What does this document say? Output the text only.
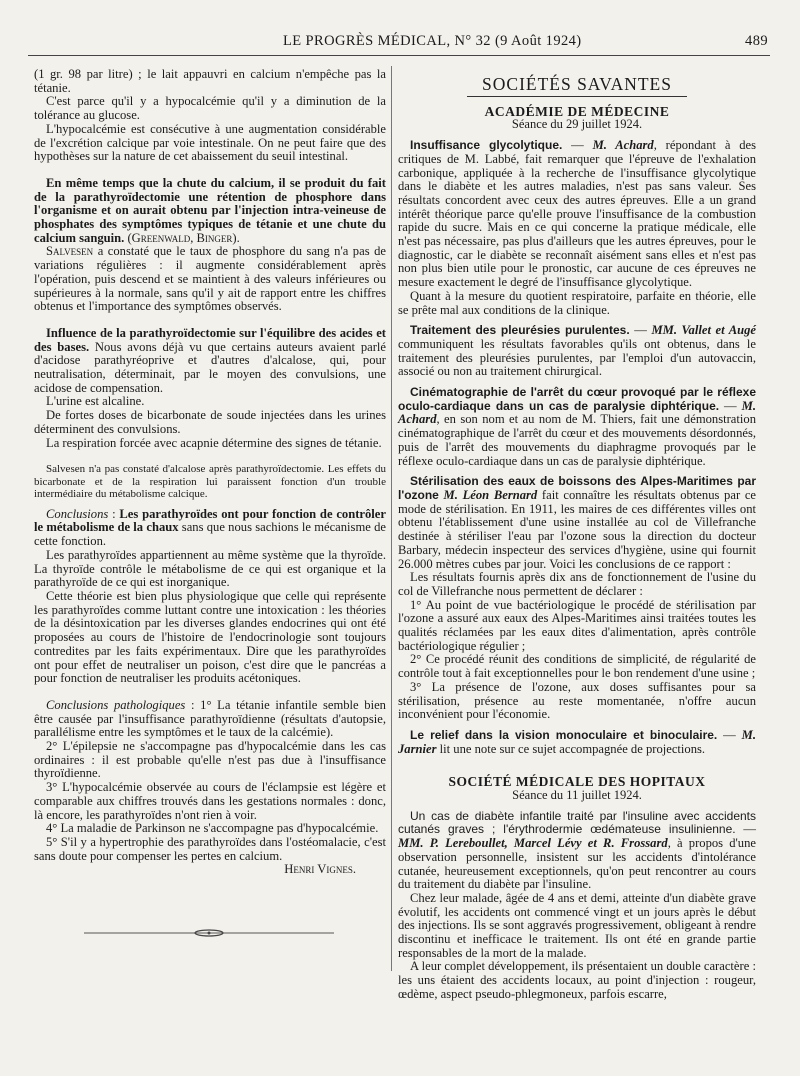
LE PROGRÈS MÉDICAL, N° 32 (9 Août 1924)	489

(1 gr. 98 par litre) ; le lait appauvri en calcium n'empêche pas la tétanie.

C'est parce qu'il y a hypocalcémie qu'il y a diminution de la tolérance au glucose.

L'hypocalcémie est consécutive à une augmentation considérable de l'excrétion calcique par voie intestinale. On ne peut faire que des hypothèses sur la nature de cet abaissement du seuil intestinal.

En même temps que la chute du calcium, il se produit du fait de la parathyroïdectomie une rétention de phosphore dans l'organisme et on aurait obtenu par l'injection intra-veineuse de phosphates des symptômes typiques de tétanie et une chute du calcium sanguin. (Greenwald, Binger).

Salvesen a constaté que le taux de phosphore du sang n'a pas de variations régulières : il augmente considérablement après l'opération, puis descend et se maintient à des valeurs inférieures ou supérieures à la normale, sans qu'il y ait de rapport entre les chiffres obtenus et l'importance des symptômes observés.

Influence de la parathyroïdectomie sur l'équilibre des acides et des bases. Nous avons déjà vu que certains auteurs avaient parlé d'acidose parathyréoprive et d'autres d'alcalose, qui, pour neutralisation, déterminait, par le moyen des convulsions, une acidose de compensation.

L'urine est alcaline.

De fortes doses de bicarbonate de soude injectées dans les urines déterminent des convulsions.

La respiration forcée avec acapnie détermine des signes de tétanie.

Salvesen n'a pas constaté d'alcalose après parathyroïdectomie. Les effets du bicarbonate et de la respiration lui paraissent fonction d'un trouble intermédiaire du métabolisme calcique.

Conclusions : Les parathyroïdes ont pour fonction de contrôler le métabolisme de la chaux sans que nous sachions le mécanisme de cette fonction.

Les parathyroïdes appartiennent au même système que la thyroïde. La thyroïde contrôle le métabolisme de ce qui est organique et la parathyroïde de ce qui est inorganique.

Cette théorie est bien plus physiologique que celle qui représente les parathyroïdes comme luttant contre une intoxication : les théories de la désintoxication par les diverses glandes endocrines qui ont été proposées au cours de l'histoire de l'endocrinologie sont toujours contredites par les faits expérimentaux. Dire que les parathyroïdes ont pour effet de neutraliser un poison, c'est dire que le pancréas a pour fonction de neutraliser les produits acétoniques.

Conclusions pathologiques : 1° La tétanie infantile semble bien être causée par l'insuffisance parathyroïdienne (résultats d'autopsie, parallélisme entre les symptômes et le taux de la calcémie).

2° L'épilepsie ne s'accompagne pas d'hypocalcémie dans les cas ordinaires : il est probable qu'elle n'est pas due à l'insuffisance thyroïdienne.

3° L'hypocalcémie observée au cours de l'éclampsie est légère et comparable aux chiffres trouvés dans les gestations normales : donc, là encore, les parathyroïdes n'ont rien à voir.

4° La maladie de Parkinson ne s'accompagne pas d'hypocalcémie.

5° S'il y a hypertrophie des parathyroïdes dans l'ostéomalacie, c'est sans doute pour compenser les pertes en calcium.

Henri Vignes.

SOCIÉTÉS SAVANTES
ACADÉMIE DE MÉDECINE
Séance du 29 juillet 1924.

Insuffisance glycolytique. — M. Achard, répondant à des critiques de M. Labbé, fait remarquer que l'épreuve de l'exhalation carbonique, appliquée à la recherche de l'insuffisance glycolytique dans le diabète et les autres maladies, n'est pas sans valeur. Ses résultats concordent avec ceux des autres épreuves. Elle a un grand intérêt théorique parce qu'elle prouve l'insuffisance de la combustion rapide du sucre. Mais en ce qui concerne la pratique médicale, elle n'est pas nécessaire, pas plus d'ailleurs que les autres épreuves, pour le diagnostic, car le diabète se reconnaît aisément sans elles et n'est pas non plus bien utile pour le pronostic, car aucune de ces épreuves ne mesure exactement le degré de l'insuffisance glycolytique.

Quant à la mesure du quotient respiratoire, parfaite en théorie, elle se prête mal aux conditions de la clinique.

Traitement des pleurésies purulentes. — MM. Vallet et Augé communiquent les résultats favorables qu'ils ont obtenus, dans le traitement des pleurésies purulentes, par l'emploi d'un autovaccin, associé ou non au traitement chirurgical.

Cinématographie de l'arrêt du cœur provoqué par le réflexe oculo-cardiaque dans un cas de paralysie diphtérique. — M. Achard, en son nom et au nom de M. Thiers, fait une démonstration cinématographique de l'arrêt du cœur et des mouvements désordonnés, puis de l'arrêt des mouvements du diaphragme provoqués par le réflexe oculo-cardiaque dans un cas de paralysie diphtérique.

Stérilisation des eaux de boissons des Alpes-Maritimes par l'ozone M. Léon Bernard fait connaître les résultats obtenus par ce mode de stérilisation. En 1911, les maires de ces différentes villes ont obtenu l'établissement d'une usine installée au col de Villefranche destinée à stériliser l'eau par l'ozone sous la direction du docteur Barbary, médecin inspecteur des services d'hygiène, usine qui fournit 26.000 mètres cubes par jour. Voici les conclusions de ce rapport :

Les résultats fournis après dix ans de fonctionnement de l'usine du col de Villefranche nous permettent de déclarer :

1° Au point de vue bactériologique le procédé de stérilisation par l'ozone a assuré aux eaux des Alpes-Maritimes ainsi traitées toutes les qualités réclamées par les eaux dites d'alimentation, après contrôle bactériologique régulier ;

2° Ce procédé réunit des conditions de simplicité, de régularité de contrôle tout à fait exceptionnelles pour le bon rendement d'une usine ;

3° La présence de l'ozone, aux doses suffisantes pour sa stérilisation, présence au reste momentanée, n'offre aucun inconvénient pour l'économie.

Le relief dans la vision monoculaire et binoculaire. — M. Jarnier lit une note sur ce sujet accompagnée de projections.

SOCIÉTÉ MÉDICALE DES HOPITAUX
Séance du 11 juillet 1924.

Un cas de diabète infantile traité par l'insuline avec accidents cutanés graves ; l'érythrodermie œdémateuse insulinienne. — MM. P. Lereboullet, Marcel Lévy et R. Frossard, à propos d'une observation personnelle, insistent sur les accidents d'intolérance cutanée, heureusement exceptionnels, qu'on peut rencontrer au cours du traitement du diabète par l'insuline.

Chez leur malade, âgée de 4 ans et demi, atteinte d'un diabète grave évolutif, les accidents ont commencé vingt et un jours après le début des injections. Ils se sont aggravés progressivement, obligeant à rendre discontinu et inefficace le traitement. Ils ont été en grande partie responsables de la mort de la malade.

A leur complet développement, ils présentaient un double caractère : les uns étaient des accidents locaux, au point d'injection : rougeur, œdème, aspect pseudo-phlegmoneux, parfois escarre,
